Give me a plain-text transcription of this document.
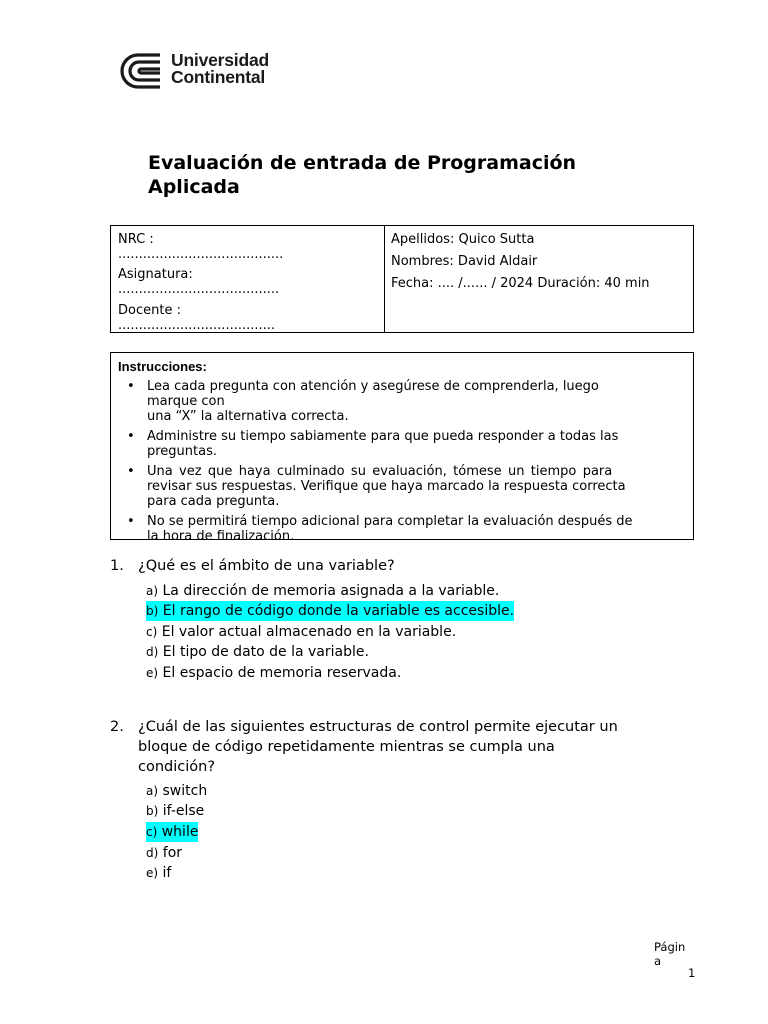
Universidad
Continental
Evaluación de entrada de Programación
Aplicada

NRC :

........................................

Asignatura:

.......................................

Docente :

......................................

Apellidos: Quico Sutta

Nombres: David Aldair

Fecha: .... /...... / 2024 Duración: 40 min

Instrucciones:
• Lea cada pregunta con atención y asegúrese de comprenderla, luego
marque con
una “X” la alternativa correcta.
• Administre su tiempo sabiamente para que pueda responder a todas las
preguntas.
• Una vez que haya culminado su evaluación, tómese un tiempo para
revisar sus respuestas. Verifique que haya marcado la respuesta correcta
para cada pregunta.
• No se permitirá tiempo adicional para completar la evaluación después de
la hora de finalización.
1. ¿Qué es el ámbito de una variable?
a) La dirección de memoria asignada a la variable.
b) El rango de código donde la variable es accesible.
c) El valor actual almacenado en la variable.
d) El tipo de dato de la variable.
e) El espacio de memoria reservada.
2. ¿Cuál de las siguientes estructuras de control permite ejecutar un
bloque de código repetidamente mientras se cumpla una
condición?
a) switch
b) if-else
c) while
d) for
e) if
Págin
a
1
